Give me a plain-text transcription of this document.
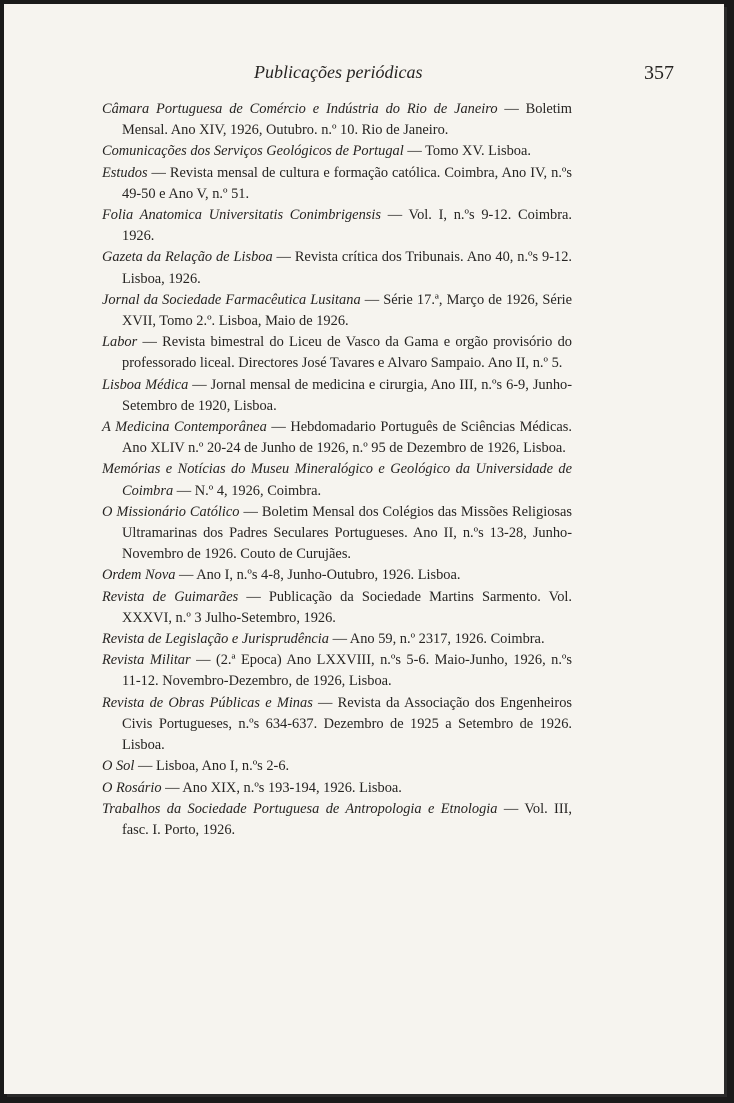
Publicações periódicas	357

Câmara Portuguesa de Comércio e Indústria do Rio de Janeiro — Boletim Mensal. Ano XIV, 1926, Outubro. n.º 10. Rio de Janeiro.

Comunicações dos Serviços Geológicos de Portugal — Tomo XV. Lisboa.

Estudos — Revista mensal de cultura e formação católica. Coimbra, Ano IV, n.ºs 49-50 e Ano V, n.º 51.

Folia Anatomica Universitatis Conimbrigensis — Vol. I, n.ºs 9-12. Coimbra. 1926.

Gazeta da Relação de Lisboa — Revista crítica dos Tribunais. Ano 40, n.ºs 9-12. Lisboa, 1926.

Jornal da Sociedade Farmacêutica Lusitana — Série 17.ª, Março de 1926, Série XVII, Tomo 2.º. Lisboa, Maio de 1926.

Labor — Revista bimestral do Liceu de Vasco da Gama e orgão provisório do professorado liceal. Directores José Tavares e Alvaro Sampaio. Ano II, n.º 5.

Lisboa Médica — Jornal mensal de medicina e cirurgia, Ano III, n.ºs 6-9, Junho-Setembro de 1920, Lisboa.

A Medicina Contemporânea — Hebdomadario Português de Sciências Médicas. Ano XLIV n.º 20-24 de Junho de 1926, n.º 95 de Dezembro de 1926, Lisboa.

Memórias e Notícias do Museu Mineralógico e Geológico da Universidade de Coimbra — N.º 4, 1926, Coimbra.

O Missionário Católico — Boletim Mensal dos Colégios das Missões Religiosas Ultramarinas dos Padres Seculares Portugueses. Ano II, n.ºs 13-28, Junho-Novembro de 1926. Couto de Curujães.

Ordem Nova — Ano I, n.ºs 4-8, Junho-Outubro, 1926. Lisboa.

Revista de Guimarães — Publicação da Sociedade Martins Sarmento. Vol. XXXVI, n.º 3 Julho-Setembro, 1926.

Revista de Legislação e Jurisprudência — Ano 59, n.º 2317, 1926. Coimbra.

Revista Militar — (2.ª Epoca) Ano LXXVIII, n.ºs 5-6. Maio-Junho, 1926, n.ºs 11-12. Novembro-Dezembro, de 1926, Lisboa.

Revista de Obras Públicas e Minas — Revista da Associação dos Engenheiros Civis Portugueses, n.ºs 634-637. Dezembro de 1925 a Setembro de 1926. Lisboa.

O Sol — Lisboa, Ano I, n.ºs 2-6.

O Rosário — Ano XIX, n.ºs 193-194, 1926. Lisboa.

Trabalhos da Sociedade Portuguesa de Antropologia e Etnologia — Vol. III, fasc. I. Porto, 1926.
